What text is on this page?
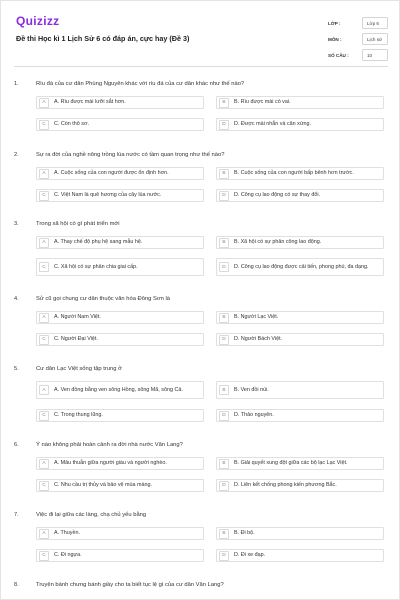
Quizizz
Đề thi Học kì 1 Lịch Sử 6 có đáp án, cực hay (Đề 3)
LỚP :	Lớp 6
MÔN :	Lịch sử
SỐ CÂU :	10
1.	Rìu đá của cư dân Phùng Nguyên khác với rìu đá của cư dân khác như thế nào?
A	A. Rìu được mài lưỡi sắt hơn.	B	B. Rìu được mài có vai.
C	C. Còn thô sơ.	D	D. Được mài nhẵn và cân xứng.
2.	Sự ra đời của nghề nông trồng lúa nước có tầm quan trọng như thế nào?
A	A. Cuộc sống của con người được ổn định hơn.	B	B. Cuộc sống của con người bấp bênh hơn trước.
C	C. Việt Nam là quê hương của cây lúa nước.	D	D. Công cụ lao động có sự thay đổi.
3.	Trong xã hội có gì phát triển mới
A	A. Thay chế độ phụ hệ sang mẫu hệ.	B	B. Xã hội có sự phân công lao động.
C	C. Xã hội có sự phân chia giai cấp.	D	D. Công cụ lao động được cải tiến, phong phú, đa dạng.
4.	Sử cũ gọi chung cư dân thuộc văn hóa Đông Sơn là
A	A. Người Nam Việt.	B	B. Người Lạc Việt.
C	C. Người Đại Việt.	D	D. Người Bách Việt.
5.	Cư dân Lạc Việt sống tập trung ở
A	A. Ven đồng bằng ven sông Hồng, sông Mã, sông Cả.	B	B. Ven đồi núi.
C	C. Trong thung lũng.	D	D. Thảo nguyên.
6.	Ý nào không phải hoàn cảnh ra đời nhà nước Văn Lang?
A	A. Mâu thuẫn giữa người giàu và người nghèo.	B	B. Giải quyết xung đột giữa các bộ lạc Lạc Việt.
C	C. Nhu cầu trị thủy và bảo vệ mùa màng.	D	D. Liên kết chống phong kiến phương Bắc.
7.	Việc đi lại giữa các làng, chạ chủ yếu bằng
A	A. Thuyền.	B	B. Đi bộ.
C	C. Đi ngựa.	D	D. Đi xe đạp.
8.	Truyện bánh chưng bánh giầy cho ta biết tục lệ gì của cư dân Văn Lang?
